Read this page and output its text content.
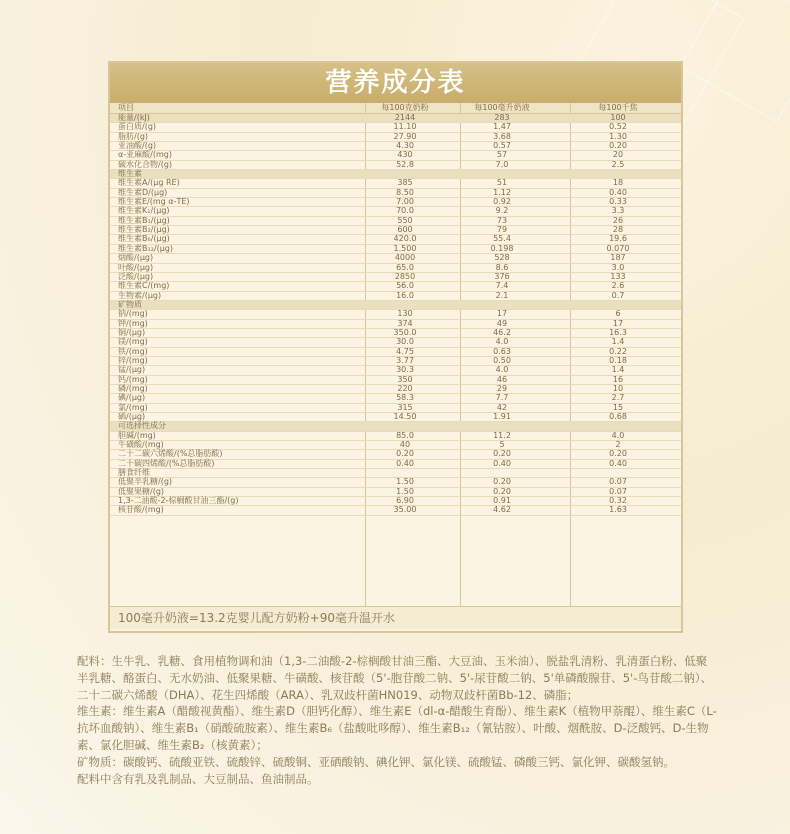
营养成分表
项目	每100克奶粉	每100毫升奶液	每100千焦
能量/(kJ)	2144	283	100
蛋白质/(g)	11.10	1.47	0.52
脂肪/(g)	27.90	3.68	1.30
亚油酸/(g)	4.30	0.57	0.20
α-亚麻酸/(mg)	430	57	20
碳水化合物/(g)	52.8	7.0	2.5
维生素
维生素A/(μg RE)	385	51	18
维生素D/(μg)	8.50	1.12	0.40
维生素E/(mg α-TE)	7.00	0.92	0.33
维生素K₁/(μg)	70.0	9.2	3.3
维生素B₁/(μg)	550	73	26
维生素B₂/(μg)	600	79	28
维生素B₆/(μg)	420.0	55.4	19.6
维生素B₁₂/(μg)	1.500	0.198	0.070
烟酸/(μg)	4000	528	187
叶酸/(μg)	65.0	8.6	3.0
泛酸/(μg)	2850	376	133
维生素C/(mg)	56.0	7.4	2.6
生物素/(μg)	16.0	2.1	0.7
矿物质
钠/(mg)	130	17	6
钾/(mg)	374	49	17
铜/(μg)	350.0	46.2	16.3
镁/(mg)	30.0	4.0	1.4
铁/(mg)	4.75	0.63	0.22
锌/(mg)	3.77	0.50	0.18
锰/(μg)	30.3	4.0	1.4
钙/(mg)	350	46	16
磷/(mg)	220	29	10
碘/(μg)	58.3	7.7	2.7
氯/(mg)	315	42	15
硒/(μg)	14.50	1.91	0.68
可选择性成分
胆碱/(mg)	85.0	11.2	4.0
牛磺酸/(mg)	40	5	2
二十二碳六烯酸/(%总脂肪酸)	0.20	0.20	0.20
二十碳四烯酸/(%总脂肪酸)	0.40	0.40	0.40
膳食纤维
低聚半乳糖/(g)	1.50	0.20	0.07
低聚果糖/(g)	1.50	0.20	0.07
1,3-二油酸-2-棕榈酸甘油三酯/(g)	6.90	0.91	0.32
核苷酸/(mg)	35.00	4.62	1.63
100毫升奶液=13.2克婴儿配方奶粉+90毫升温开水

配料：生牛乳、乳糖、食用植物调和油（1,3-二油酸-2-棕榈酸甘油三酯、大豆油、玉米油）、脱盐乳清粉、乳清蛋白粉、低聚半乳糖、酪蛋白、无水奶油、低聚果糖、牛磺酸、核苷酸（5'-胞苷酸二钠、5'-尿苷酸二钠、5'单磷酸腺苷、5'-鸟苷酸二钠）、二十二碳六烯酸（DHA）、花生四烯酸（ARA）、乳双歧杆菌HN019、动物双歧杆菌Bb-12、磷脂；

维生素：维生素A（醋酸视黄酯）、维生素D（胆钙化醇）、维生素E（dl-α-醋酸生育酚）、维生素K（植物甲萘醌）、维生素C（L-抗坏血酸钠）、维生素B₁（硝酸硫胺素）、维生素B₆（盐酸吡哆醇）、维生素B₁₂（氰钴胺）、叶酸、烟酰胺、D-泛酸钙、D-生物素、氯化胆碱、维生素B₂（核黄素）；

矿物质：碳酸钙、硫酸亚铁、硫酸锌、硫酸铜、亚硒酸钠、碘化钾、氯化镁、硫酸锰、磷酸三钙、氯化钾、碳酸氢钠。

配料中含有乳及乳制品、大豆制品、鱼油制品。
